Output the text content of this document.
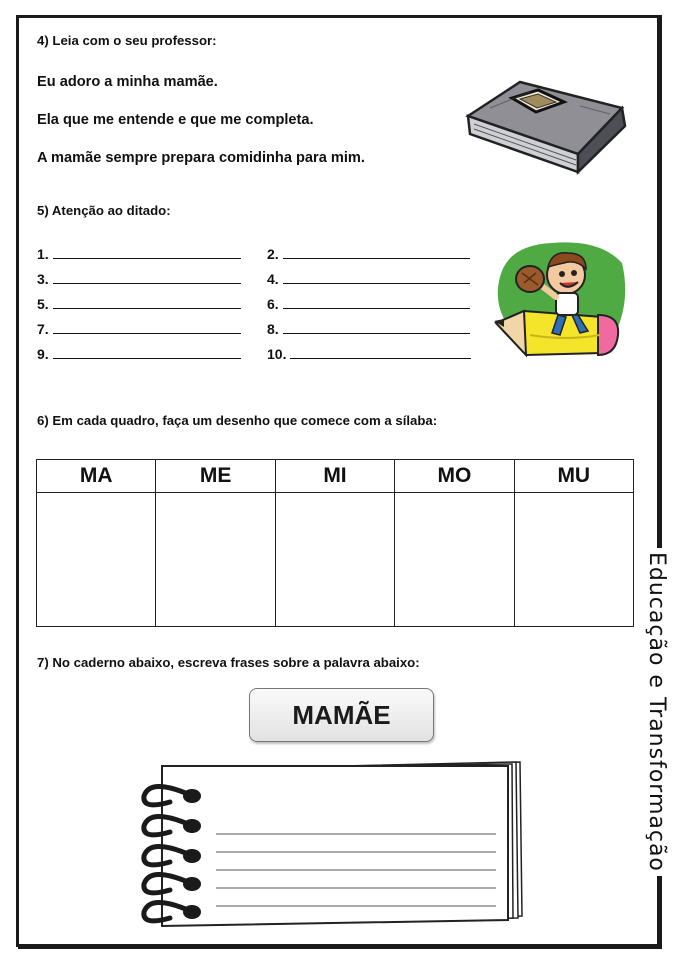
4) Leia com o seu professor:
Eu adoro a minha mamãe.
Ela que me entende e que me completa.
A mamãe sempre prepara comidinha para mim.
5) Atenção ao ditado:
1.	2.
3.	4.
5.	6.
7.	8.
9.	10.
6) Em cada quadro, faça um desenho que comece com a sílaba:
MA	ME	MI	MO	MU

7) No caderno abaixo, escreva frases sobre a palavra abaixo:
MAMÃE	Educação e Transformação
